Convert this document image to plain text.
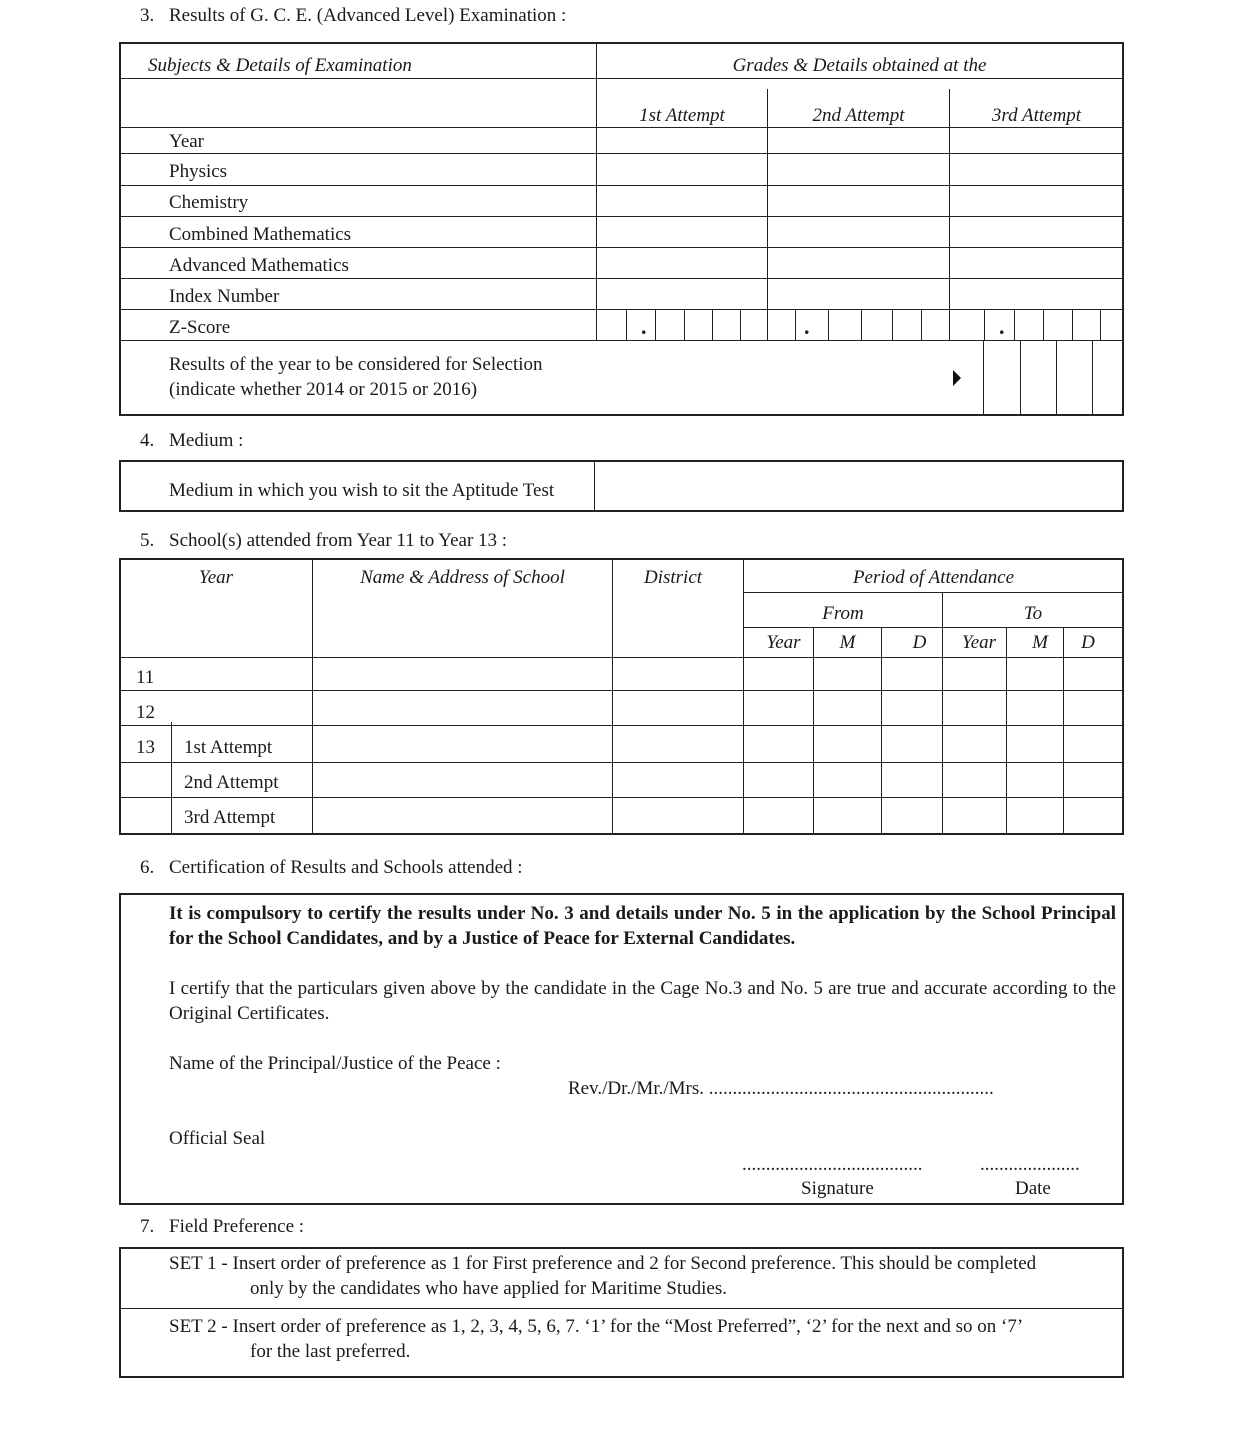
3. Results of G. C. E. (Advanced Level) Examination :
.	.	.
Subjects & Details of Examination	Grades & Details obtained at the
1st Attempt	2nd Attempt	3rd Attempt
Year
Physics
Chemistry
Combined Mathematics
Advanced Mathematics
Index Number
Z-Score
Results of the year to be considered for Selection
(indicate whether 2014 or 2015 or 2016)
4. Medium :
Medium in which you wish to sit the Aptitude Test
5. School(s) attended from Year 11 to Year 13 :
Year	Name & Address of School	District	Period of Attendance
From	To
Year	M	D	Year	M	D
11
12
13 1st Attempt
2nd Attempt
3rd Attempt
6. Certification of Results and Schools attended :
It is compulsory to certify the results under No. 3 and details under No. 5 in the application by the School Principal for the School Candidates, and by a Justice of Peace for External Candidates.
I certify that the particulars given above by the candidate in the Cage No.3 and No. 5 are true and accurate according to the Original Certificates.
Name of the Principal/Justice of the Peace :
Rev./Dr./Mr./Mrs. ............................................................
Official Seal
......................................	.....................
Signature	Date
7. Field Preference :
SET 1 - Insert order of preference as 1 for First preference and 2 for Second preference. This should be completed
only by the candidates who have applied for Maritime Studies.
SET 2 - Insert order of preference as 1, 2, 3, 4, 5, 6, 7. ‘1’ for the “Most Preferred”, ‘2’ for the next and so on ‘7’
for the last preferred.
